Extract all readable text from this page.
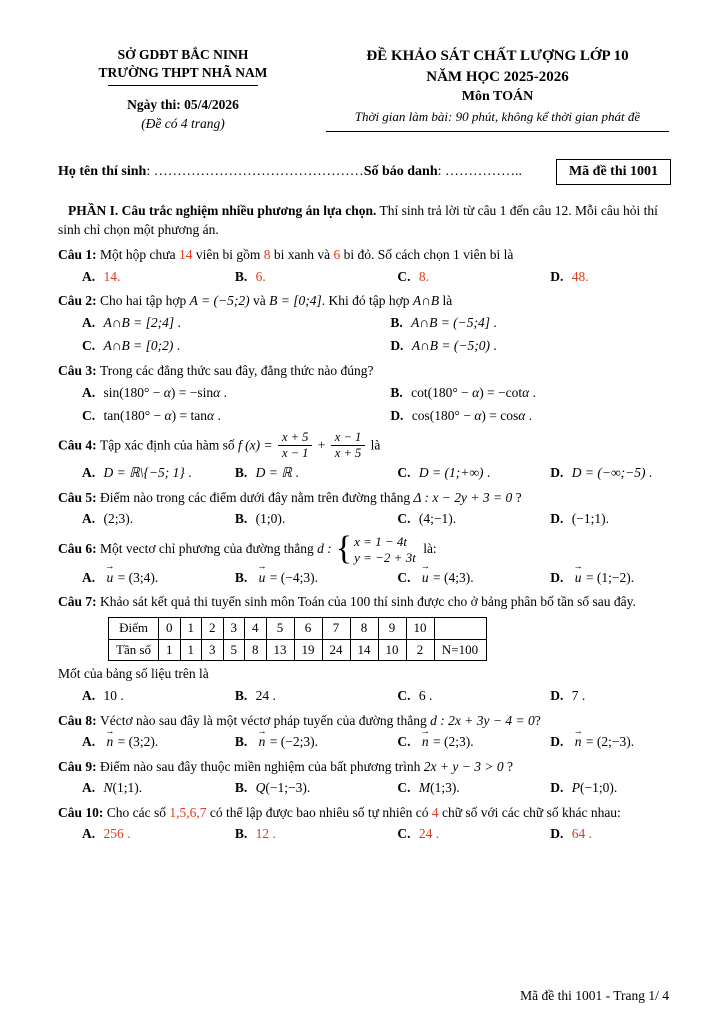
SỞ GDĐT BẮC NINH
TRƯỜNG THPT NHÃ NAM
Ngày thi: 05/4/2026
(Đề có 4 trang)
ĐỀ KHẢO SÁT CHẤT LƯỢNG LỚP 10
NĂM HỌC 2025-2026
Môn TOÁN
Thời gian làm bài: 90 phút, không kể thời gian phát đề
Họ tên thí sinh: ………………………………………Số báo danh: ……………..	Mã đề thi 1001

PHẦN I. Câu trắc nghiệm nhiều phương án lựa chọn. Thí sinh trả lời từ câu 1 đến câu 12. Mỗi câu hỏi thí sinh chỉ chọn một phương án.

Câu 1: Một hộp chưa 14 viên bi gồm 8 bi xanh và 6 bi đỏ. Số cách chọn 1 viên bi là
A. 14.	B. 6.	C. 8.	D. 48.
Câu 2: Cho hai tập hợp A = (−5;2) và B = [0;4]. Khi đó tập hợp A∩B là
A. A∩B = [2;4] .	B. A∩B = (−5;4] .
C. A∩B = [0;2) .	D. A∩B = (−5;0) .
Câu 3: Trong các đẳng thức sau đây, đẳng thức nào đúng?
A. sin(180° − α) = −sinα .	B. cot(180° − α) = −cotα .
C. tan(180° − α) = tanα .	D. cos(180° − α) = cosα .
Câu 4: Tập xác định của hàm số f $(x) = \frac{x + 5}{x - 1} + \frac{x - 1}{x + 5}$ là
A. D = ℝ\{−5; 1} .	B. D = ℝ .	C. D = (1;+∞) .	D. D = (−∞;−5) .
Câu 5: Điểm nào trong các điểm dưới đây nằm trên đường thẳng Δ : x − 2y + 3 = 0 ?
A. (2;3).	B. (1;0).	C. (4;−1).	D. (−1;1).
Câu 6: Một vectơ chỉ phương của đường thẳng d : { x = 1 − 4t
y = −2 + 3t
là:
A. → u = (3;4).	B. → u = (−4;3).	C. → u = (4;3).	D. → u = (1;−2).
Câu 7: Khảo sát kết quả thi tuyển sinh môn Toán của 100 thí sinh được cho ở bảng phân bố tần số sau đây.
Điểm	0	1	2	3	4	5	6	7	8	9	10	
Tần số	1	1	3	5	8	13	19	24	14	10	2	N=100
Mốt của bảng số liệu trên là
A. 10 .	B. 24 .	C. 6 .	D. 7 .
Câu 8: Véctơ nào sau đây là một véctơ pháp tuyến của đường thẳng d : 2x + 3y − 4 = 0?
A. → n = (3;2).	B. → n = (−2;3).	C. → n = (2;3).	D. → n = (2;−3).
Câu 9: Điểm nào sau đây thuộc miền nghiệm của bất phương trình 2x + y − 3 > 0 ?
A. N(1;1).	B. Q(−1;−3).	C. M(1;3).	D. P(−1;0).
Câu 10: Cho các số 1,5,6,7 có thể lập được bao nhiêu số tự nhiên có 4 chữ số với các chữ số khác nhau:
A. 256 .	B. 12 .	C. 24 .	D. 64 .
Mã đề thi 1001 - Trang 1/ 4
